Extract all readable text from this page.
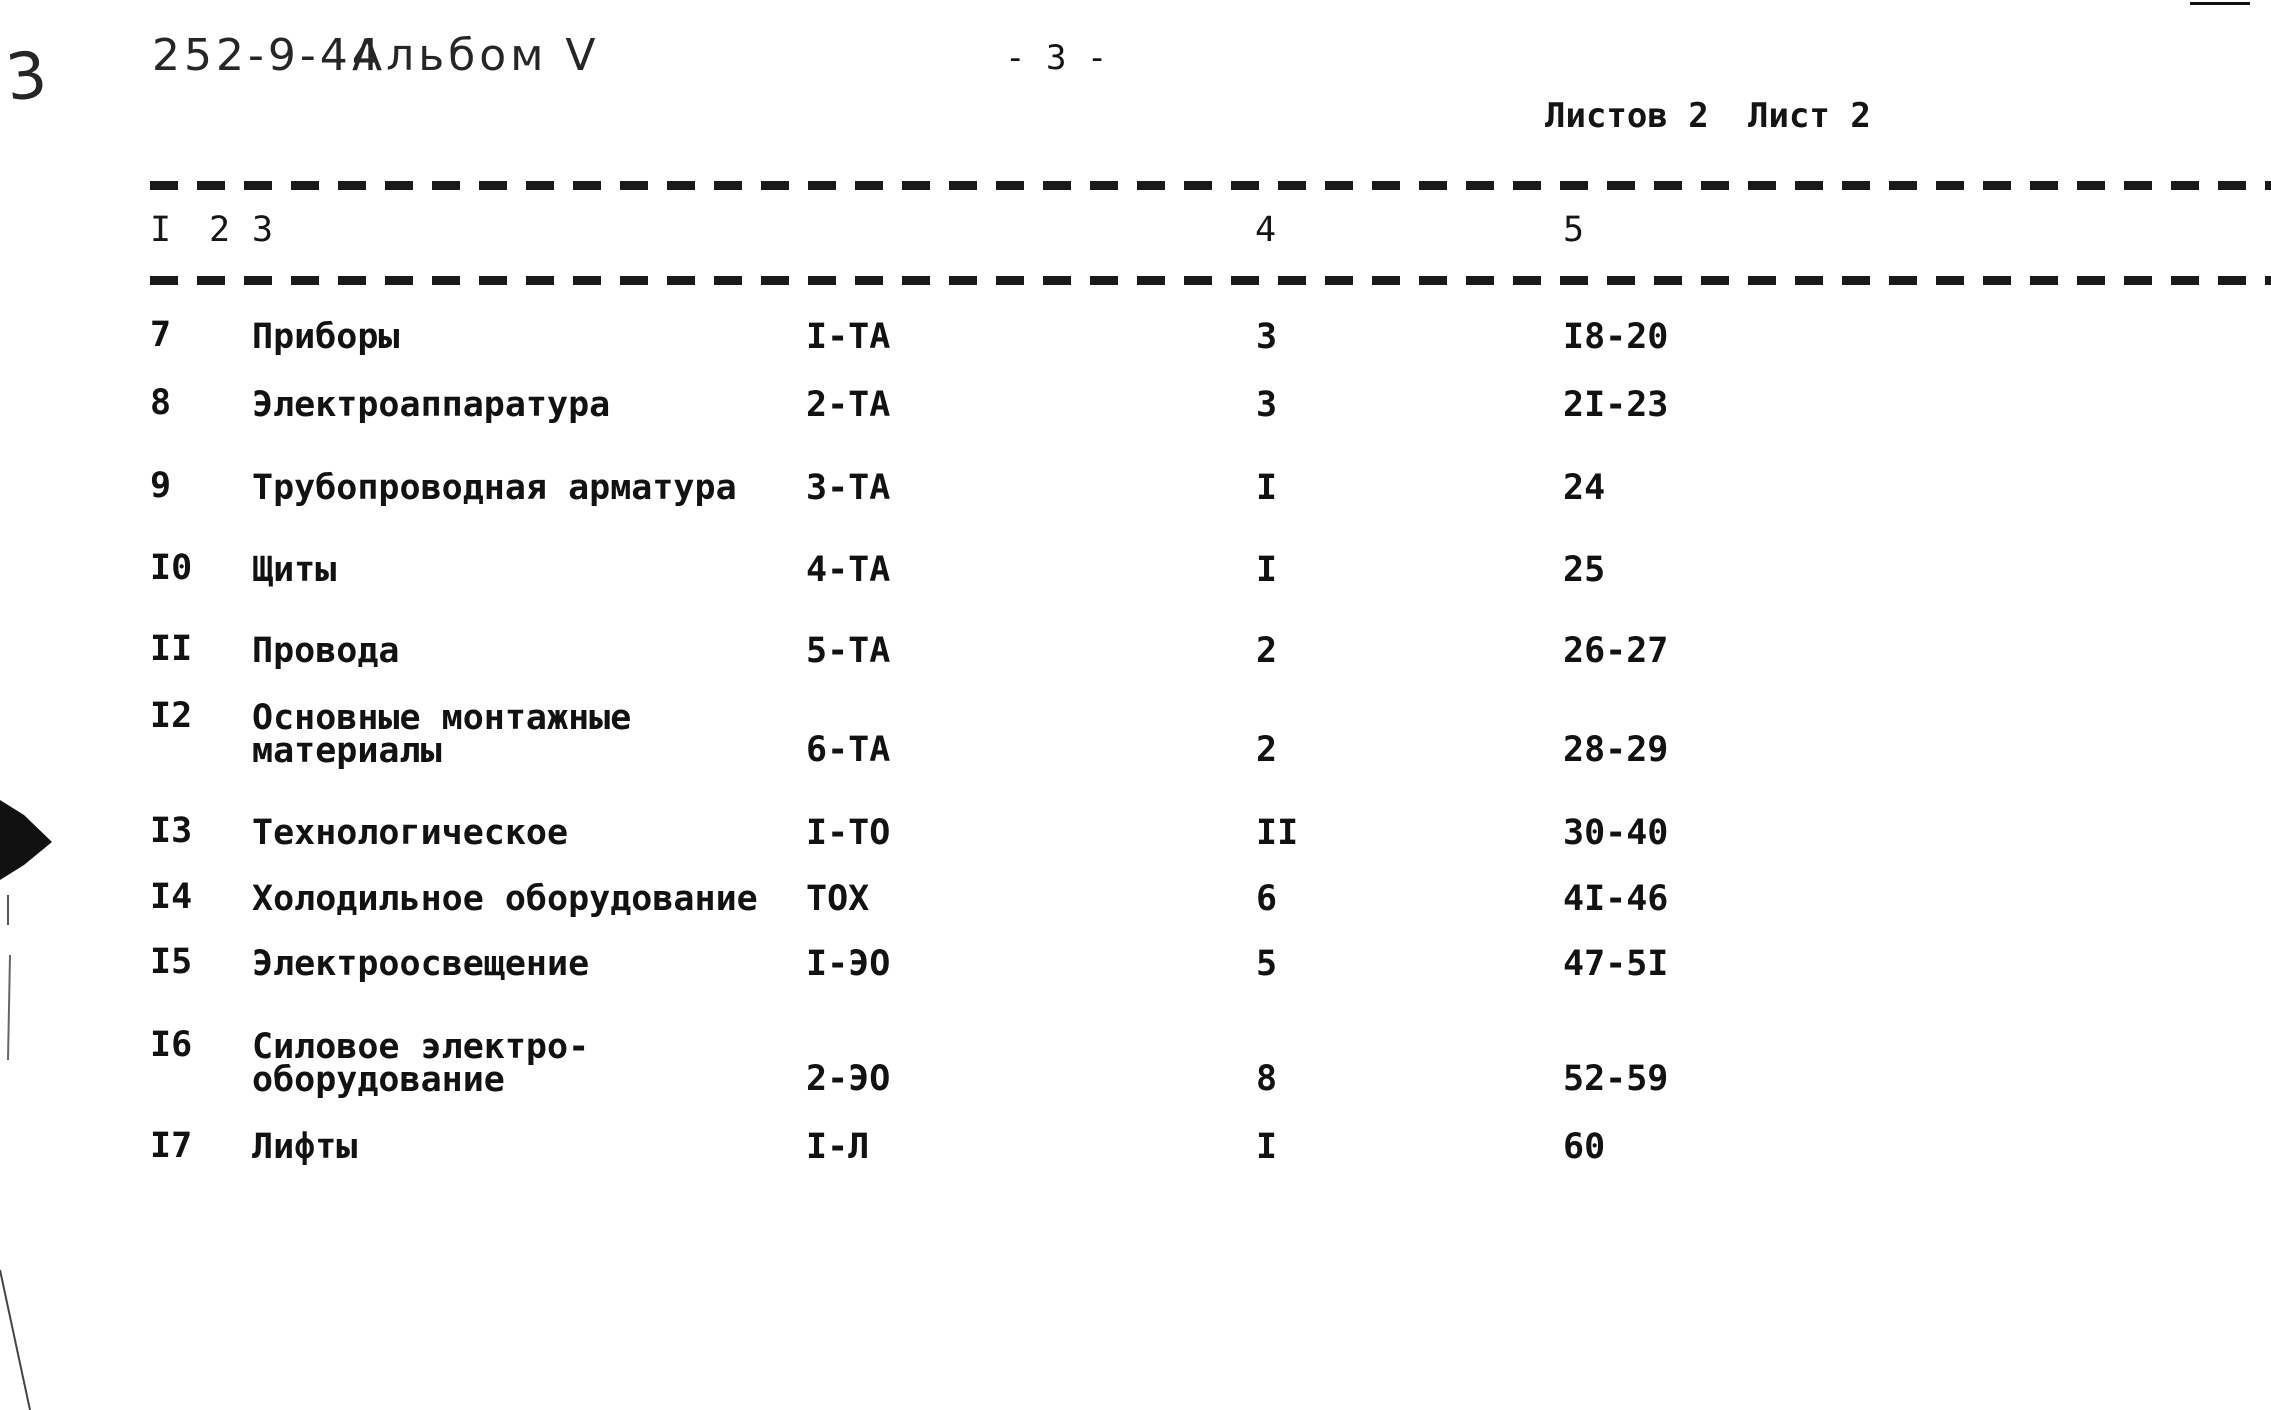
3 252-9-44
Альбом V	- 3 -
Листов 2 Лист 2
I 2 3	4	5
7 Приборы	I-ТА	3	I8-20
8 Электроаппаратура	2-ТА	3	2I-23
9 Трубопроводная арматура 3-ТА	I	24
I0 Щиты	4-ТА	I	25
II Провода	5-ТА	2	26-27
I2 Основные монтажные
материалы	6-ТА	2	28-29
I3 Технологическое	I-ТО	II	30-40
I4 Холодильное оборудование ТОХ	6	4I-46
I5 Электроосвещение	I-ЭО	5	47-5I
I6 Силовое электро-
оборудование	2-ЭО	8	52-59
I7 Лифты	I-Л	I	60
